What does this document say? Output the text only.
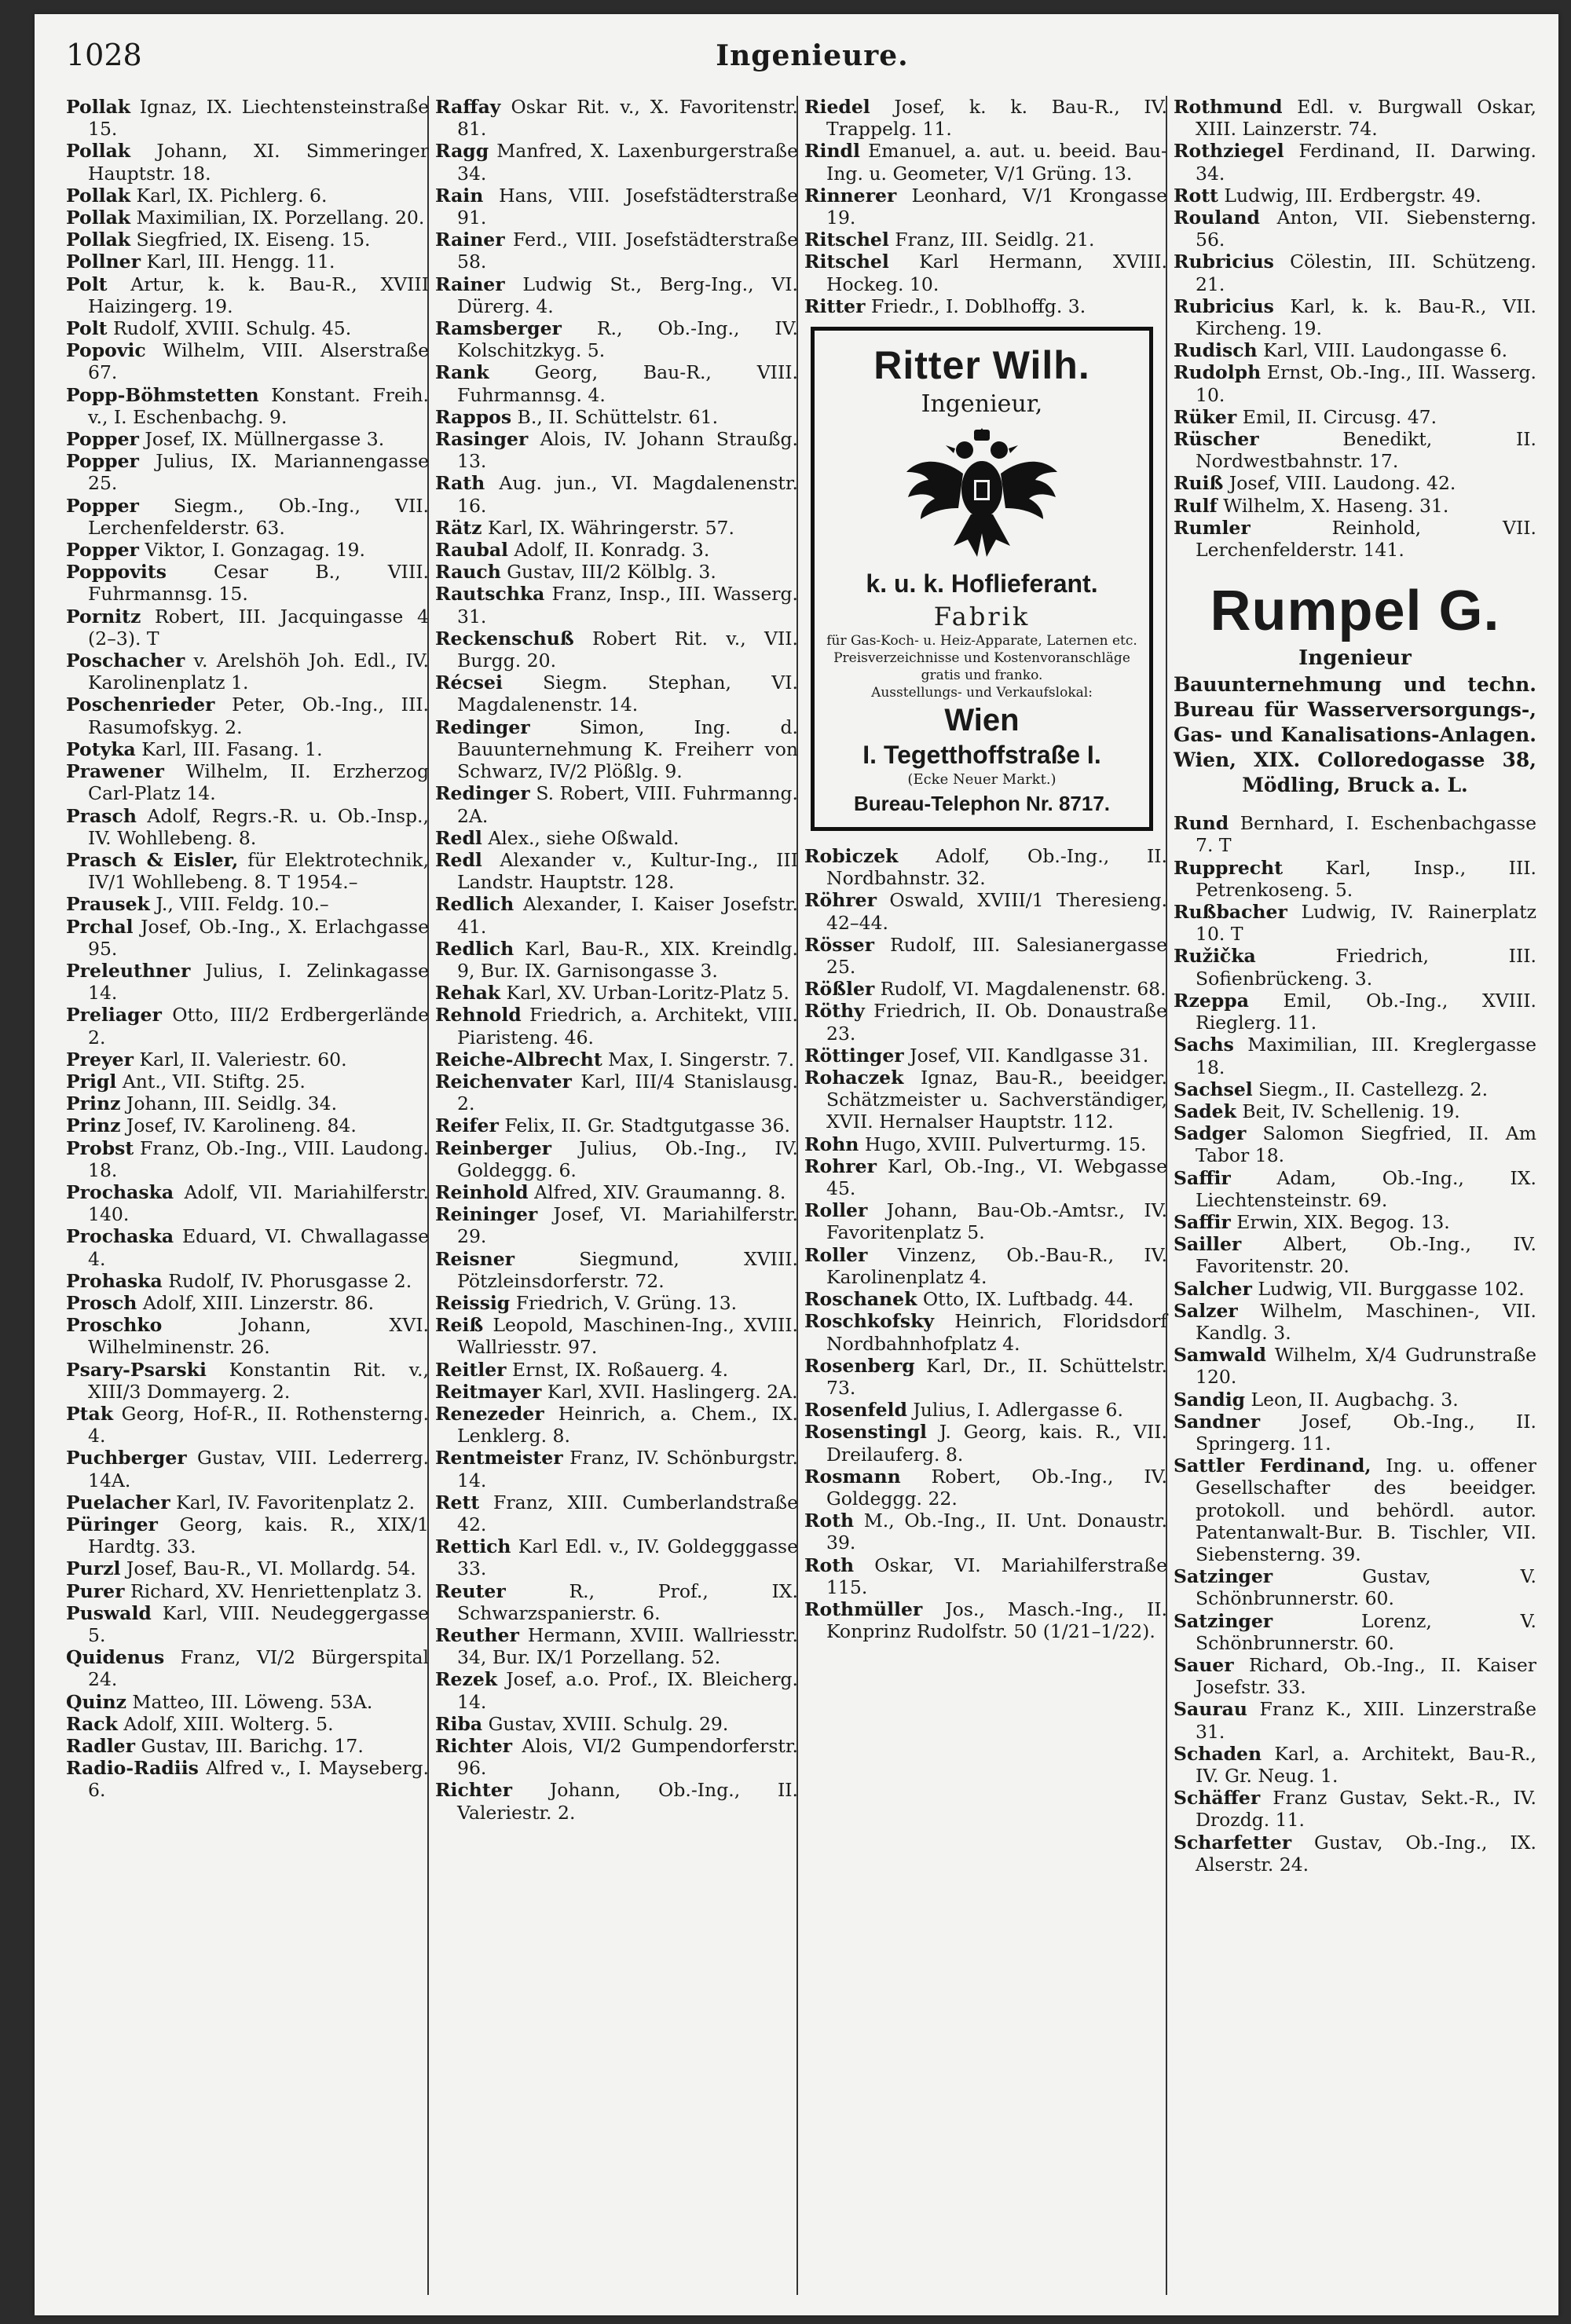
1028	Ingenieure.
Pollak Ignaz, IX. Liechtensteinstraße 15.
Pollak Johann, XI. Simmeringer Hauptstr. 18.
Pollak Karl, IX. Pichlerg. 6.
Pollak Maximilian, IX. Porzellang. 20.
Pollak Siegfried, IX. Eiseng. 15.
Pollner Karl, III. Hengg. 11.
Polt Artur, k. k. Bau-R., XVIII Haizingerg. 19.
Polt Rudolf, XVIII. Schulg. 45.
Popovic Wilhelm, VIII. Alserstraße 67.
Popp-Böhmstetten Konstant. Freih. v., I. Eschenbachg. 9.
Popper Josef, IX. Müllnergasse 3.
Popper Julius, IX. Mariannengasse 25.
Popper Siegm., Ob.-Ing., VII. Lerchenfelderstr. 63.
Popper Viktor, I. Gonzagag. 19.
Poppovits Cesar B., VIII. Fuhrmannsg. 15.
Pornitz Robert, III. Jacquingasse 4 (2–3). T
Poschacher v. Arelshöh Joh. Edl., IV. Karolinenplatz 1.
Poschenrieder Peter, Ob.-Ing., III. Rasumofskyg. 2.
Potyka Karl, III. Fasang. 1.
Prawener Wilhelm, II. Erzherzog Carl-Platz 14.
Prasch Adolf, Regrs.-R. u. Ob.-Insp., IV. Wohllebeng. 8.
Prasch & Eisler, für Elektrotechnik, IV/1 Wohllebeng. 8. T 1954.–
Prausek J., VIII. Feldg. 10.–
Prchal Josef, Ob.-Ing., X. Erlachgasse 95.
Preleuthner Julius, I. Zelinkagasse 14.
Preliager Otto, III/2 Erdbergerlände 2.
Preyer Karl, II. Valeriestr. 60.
Prigl Ant., VII. Stiftg. 25.
Prinz Johann, III. Seidlg. 34.
Prinz Josef, IV. Karolineng. 84.
Probst Franz, Ob.-Ing., VIII. Laudong. 18.
Prochaska Adolf, VII. Mariahilferstr. 140.
Prochaska Eduard, VI. Chwallagasse 4.
Prohaska Rudolf, IV. Phorusgasse 2.
Prosch Adolf, XIII. Linzerstr. 86.
Proschko Johann, XVI. Wilhelminenstr. 26.
Psary-Psarski Konstantin Rit. v., XIII/3 Dommayerg. 2.
Ptak Georg, Hof-R., II. Rothensterng. 4.
Puchberger Gustav, VIII. Lederrerg. 14A.
Puelacher Karl, IV. Favoritenplatz 2.
Püringer Georg, kais. R., XIX/1 Hardtg. 33.
Purzl Josef, Bau-R., VI. Mollardg. 54.
Purer Richard, XV. Henriettenplatz 3.
Puswald Karl, VIII. Neudeggergasse 5.
Quidenus Franz, VI/2 Bürgerspital 24.
Quinz Matteo, III. Löweng. 53A.
Rack Adolf, XIII. Wolterg. 5.
Radler Gustav, III. Barichg. 17.
Radio-Radiis Alfred v., I. Mayseberg. 6.
Raffay Oskar Rit. v., X. Favoritenstr. 81.
Ragg Manfred, X. Laxenburgerstraße 34.
Rain Hans, VIII. Josefstädterstraße 91.
Rainer Ferd., VIII. Josefstädterstraße 58.
Rainer Ludwig St., Berg-Ing., VI. Dürerg. 4.
Ramsberger R., Ob.-Ing., IV. Kolschitzkyg. 5.
Rank Georg, Bau-R., VIII. Fuhrmannsg. 4.
Rappos B., II. Schüttelstr. 61.
Rasinger Alois, IV. Johann Straußg. 13.
Rath Aug. jun., VI. Magdalenenstr. 16.
Rätz Karl, IX. Währingerstr. 57.
Raubal Adolf, II. Konradg. 3.
Rauch Gustav, III/2 Kölblg. 3.
Rautschka Franz, Insp., III. Wasserg. 31.
Reckenschuß Robert Rit. v., VII. Burgg. 20.
Récsei Siegm. Stephan, VI. Magdalenenstr. 14.
Redinger Simon, Ing. d. Bauunternehmung K. Freiherr von Schwarz, IV/2 Plößlg. 9.
Redinger S. Robert, VIII. Fuhrmanng. 2A.
Redl Alex., siehe Oßwald.
Redl Alexander v., Kultur-Ing., III Landstr. Hauptstr. 128.
Redlich Alexander, I. Kaiser Josefstr. 41.
Redlich Karl, Bau-R., XIX. Kreindlg. 9, Bur. IX. Garnisongasse 3.
Rehak Karl, XV. Urban-Loritz-Platz 5.
Rehnold Friedrich, a. Architekt, VIII. Piaristeng. 46.
Reiche-Albrecht Max, I. Singerstr. 7.
Reichenvater Karl, III/4 Stanislausg. 2.
Reifer Felix, II. Gr. Stadtgutgasse 36.
Reinberger Julius, Ob.-Ing., IV. Goldeggg. 6.
Reinhold Alfred, XIV. Graumanng. 8.
Reininger Josef, VI. Mariahilferstr. 29.
Reisner Siegmund, XVIII. Pötzleinsdorferstr. 72.
Reissig Friedrich, V. Grüng. 13.
Reiß Leopold, Maschinen-Ing., XVIII. Wallriesstr. 97.
Reitler Ernst, IX. Roßauerg. 4.
Reitmayer Karl, XVII. Haslingerg. 2A.
Renezeder Heinrich, a. Chem., IX. Lenklerg. 8.
Rentmeister Franz, IV. Schönburgstr. 14.
Rett Franz, XIII. Cumberlandstraße 42.
Rettich Karl Edl. v., IV. Goldegggasse 33.
Reuter R., Prof., IX. Schwarzspanierstr. 6.
Reuther Hermann, XVIII. Wallriesstr. 34, Bur. IX/1 Porzellang. 52.
Rezek Josef, a.o. Prof., IX. Bleicherg. 14.
Riba Gustav, XVIII. Schulg. 29.
Richter Alois, VI/2 Gumpendorferstr. 96.
Richter Johann, Ob.-Ing., II. Valeriestr. 2.
Riedel Josef, k. k. Bau-R., IV. Trappelg. 11.
Rindl Emanuel, a. aut. u. beeid. Bau-Ing. u. Geometer, V/1 Grüng. 13.
Rinnerer Leonhard, V/1 Krongasse 19.
Ritschel Franz, III. Seidlg. 21.
Ritschel Karl Hermann, XVIII. Hockeg. 10.
Ritter Friedr., I. Doblhoffg. 3.
Ritter Wilh.
Ingenieur,
k. u. k. Hoflieferant.
Fabrik
für Gas-Koch- u. Heiz-Apparate, Laternen etc.
Preisverzeichnisse und Kostenvoranschläge gratis und franko.
Ausstellungs- und Verkaufslokal:
Wien
I. Tegetthoffstraße I.
(Ecke Neuer Markt.)
Bureau-Telephon Nr. 8717.
Robiczek Adolf, Ob.-Ing., II. Nordbahnstr. 32.
Röhrer Oswald, XVIII/1 Theresieng. 42–44.
Rösser Rudolf, III. Salesianergasse 25.
Rößler Rudolf, VI. Magdalenenstr. 68.
Röthy Friedrich, II. Ob. Donaustraße 23.
Röttinger Josef, VII. Kandlgasse 31.
Rohaczek Ignaz, Bau-R., beeidger. Schätzmeister u. Sachverständiger, XVII. Hernalser Hauptstr. 112.
Rohn Hugo, XVIII. Pulverturmg. 15.
Rohrer Karl, Ob.-Ing., VI. Webgasse 45.
Roller Johann, Bau-Ob.-Amtsr., IV. Favoritenplatz 5.
Roller Vinzenz, Ob.-Bau-R., IV. Karolinenplatz 4.
Roschanek Otto, IX. Luftbadg. 44.
Roschkofsky Heinrich, Floridsdorf Nordbahnhofplatz 4.
Rosenberg Karl, Dr., II. Schüttelstr. 73.
Rosenfeld Julius, I. Adlergasse 6.
Rosenstingl J. Georg, kais. R., VII. Dreilauferg. 8.
Rosmann Robert, Ob.-Ing., IV. Goldeggg. 22.
Roth M., Ob.-Ing., II. Unt. Donaustr. 39.
Roth Oskar, VI. Mariahilferstraße 115.
Rothmüller Jos., Masch.-Ing., II. Konprinz Rudolfstr. 50 (1/21–1/22).
Rothmund Edl. v. Burgwall Oskar, XIII. Lainzerstr. 74.
Rothziegel Ferdinand, II. Darwing. 34.
Rott Ludwig, III. Erdbergstr. 49.
Rouland Anton, VII. Siebensterng. 56.
Rubricius Cölestin, III. Schützeng. 21.
Rubricius Karl, k. k. Bau-R., VII. Kircheng. 19.
Rudisch Karl, VIII. Laudongasse 6.
Rudolph Ernst, Ob.-Ing., III. Wasserg. 10.
Rüker Emil, II. Circusg. 47.
Rüscher Benedikt, II. Nordwestbahnstr. 17.
Ruiß Josef, VIII. Laudong. 42.
Rulf Wilhelm, X. Haseng. 31.
Rumler Reinhold, VII. Lerchenfelderstr. 141.
Rumpel G.
Ingenieur
Bauunternehmung und techn. Bureau für Wasserversorgungs-, Gas- und Kanalisations-Anlagen. Wien, XIX. Colloredogasse 38, Mödling, Bruck a. L.
Rund Bernhard, I. Eschenbachgasse 7. T
Rupprecht Karl, Insp., III. Petrenkoseng. 5.
Rußbacher Ludwig, IV. Rainerplatz 10. T
Ružička Friedrich, III. Sofienbrückeng. 3.
Rzeppa Emil, Ob.-Ing., XVIII. Rieglerg. 11.
Sachs Maximilian, III. Kreglergasse 18.
Sachsel Siegm., II. Castellezg. 2.
Sadek Beit, IV. Schellenig. 19.
Sadger Salomon Siegfried, II. Am Tabor 18.
Saffir Adam, Ob.-Ing., IX. Liechtensteinstr. 69.
Saffir Erwin, XIX. Begog. 13.
Sailler Albert, Ob.-Ing., IV. Favoritenstr. 20.
Salcher Ludwig, VII. Burggasse 102.
Salzer Wilhelm, Maschinen-, VII. Kandlg. 3.
Samwald Wilhelm, X/4 Gudrunstraße 120.
Sandig Leon, II. Augbachg. 3.
Sandner Josef, Ob.-Ing., II. Springerg. 11.
Sattler Ferdinand, Ing. u. offener Gesellschafter des beeidger. protokoll. und behördl. autor. Patentanwalt-Bur. B. Tischler, VII. Siebensterng. 39.
Satzinger Gustav, V. Schönbrunnerstr. 60.
Satzinger Lorenz, V. Schönbrunnerstr. 60.
Sauer Richard, Ob.-Ing., II. Kaiser Josefstr. 33.
Saurau Franz K., XIII. Linzerstraße 31.
Schaden Karl, a. Architekt, Bau-R., IV. Gr. Neug. 1.
Schäffer Franz Gustav, Sekt.-R., IV. Drozdg. 11.
Scharfetter Gustav, Ob.-Ing., IX. Alserstr. 24.
